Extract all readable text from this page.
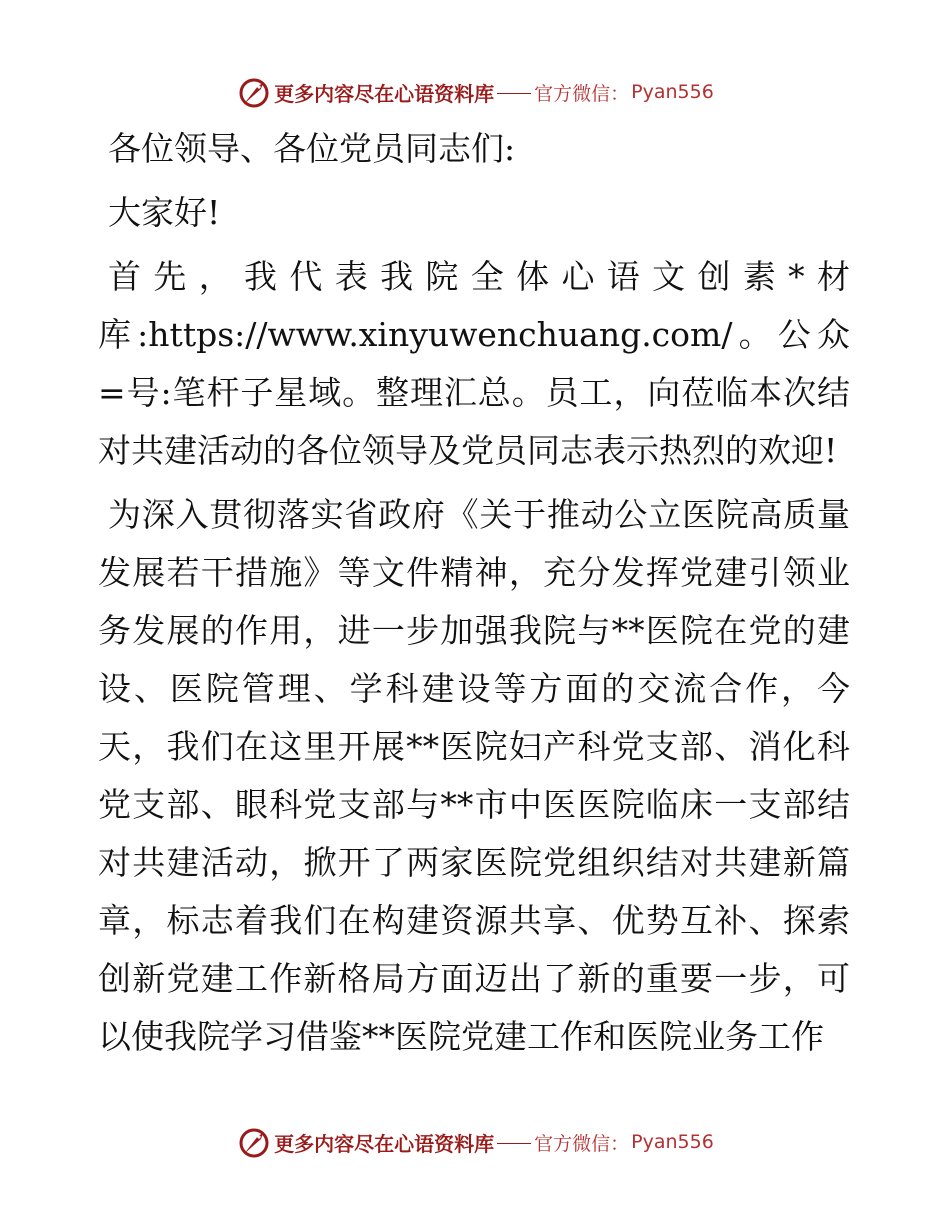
更多内容尽在心语资料库 官方微信： Pyan556

各位领导、各位党员同志们:

大家好!

首先，我代表我院全体心语文创素*材库:https://www.xinyuwenchuang.com/。公众=号:笔杆子星域。整理汇总。员工，向莅临本次结对共建活动的各位领导及党员同志表示热烈的欢迎!

为深入贯彻落实省政府《关于推动公立医院高质量发展若干措施》等文件精神，充分发挥党建引领业务发展的作用，进一步加强我院与**医院在党的建设、医院管理、学科建设等方面的交流合作，今天，我们在这里开展**医院妇产科党支部、消化科党支部、眼科党支部与**市中医医院临床一支部结对共建活动，掀开了两家医院党组织结对共建新篇章，标志着我们在构建资源共享、优势互补、探索创新党建工作新格局方面迈出了新的重要一步，可以使我院学习借鉴**医院党建工作和医院业务工作

更多内容尽在心语资料库 官方微信： Pyan556
